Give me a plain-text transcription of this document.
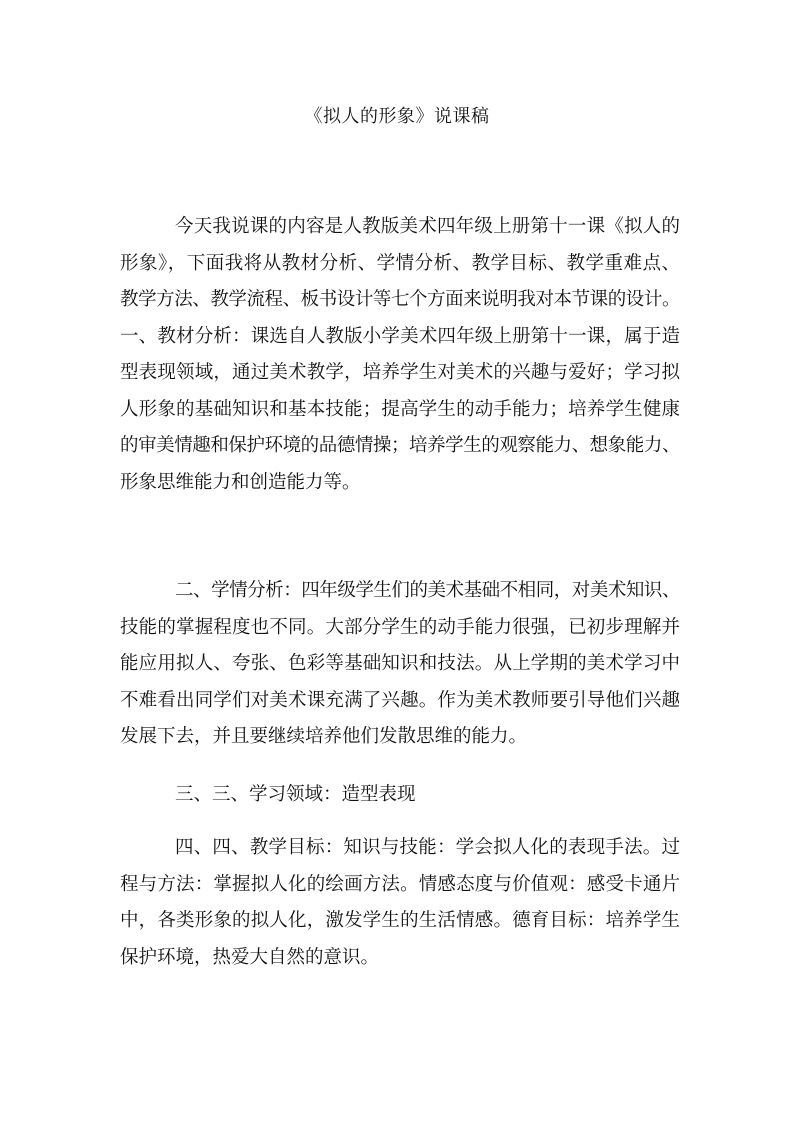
《拟人的形象》说课稿
今天我说课的内容是人教版美术四年级上册第十一课《拟人的
形象》，下面我将从教材分析、学情分析、教学目标、教学重难点、
教学方法、教学流程、板书设计等七个方面来说明我对本节课的设计。
一、教材分析：课选自人教版小学美术四年级上册第十一课，属于造
型表现领域，通过美术教学，培养学生对美术的兴趣与爱好；学习拟
人形象的基础知识和基本技能；提高学生的动手能力；培养学生健康
的审美情趣和保护环境的品德情操；培养学生的观察能力、想象能力、
形象思维能力和创造能力等。
二、学情分析：四年级学生们的美术基础不相同，对美术知识、
技能的掌握程度也不同。大部分学生的动手能力很强，已初步理解并
能应用拟人、夸张、色彩等基础知识和技法。从上学期的美术学习中
不难看出同学们对美术课充满了兴趣。作为美术教师要引导他们兴趣
发展下去，并且要继续培养他们发散思维的能力。
三、三、学习领域：造型表现
四、四、教学目标：知识与技能：学会拟人化的表现手法。过
程与方法：掌握拟人化的绘画方法。情感态度与价值观：感受卡通片
中，各类形象的拟人化，激发学生的生活情感。德育目标：培养学生
保护环境，热爱大自然的意识。
